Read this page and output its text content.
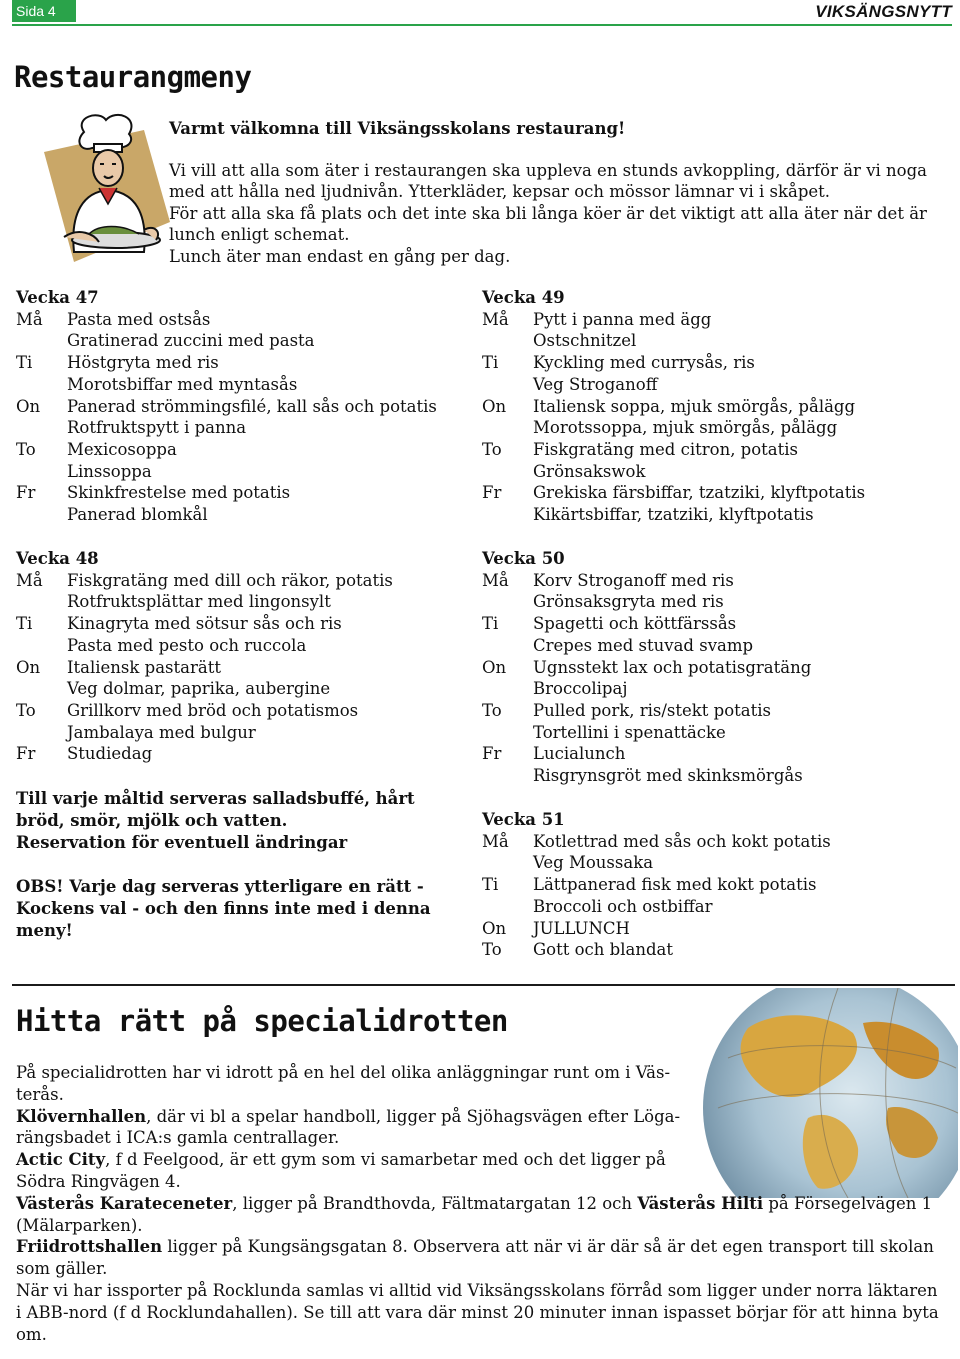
Sida 4	VIKSÄNGSNYTT
Restaurangmeny

Varmt välkomna till Viksängsskolans restaurang!

Vi vill att alla som äter i restaurangen ska uppleva en stunds avkoppling, därför är vi noga

med att hålla ned ljudnivån. Ytterkläder, kepsar och mössor lämnar vi i skåpet.

För att alla ska få plats och det inte ska bli långa köer är det viktigt att alla äter när det är

lunch enligt schemat.

Lunch äter man endast en gång per dag.

Vecka 47
Må	Pasta med ostsås
Gratinerad zuccini med pasta
Ti	Höstgryta med ris
Morotsbiffar med myntasås
On	Panerad strömmingsfilé, kall sås och potatis
Rotfruktspytt i panna
To	Mexicosoppa
Linssoppa
Fr	Skinkfrestelse med potatis
Panerad blomkål
Vecka 48
Må	Fiskgratäng med dill och räkor, potatis
Rotfruktsplättar med lingonsylt
Ti	Kinagryta med sötsur sås och ris
Pasta med pesto och ruccola
On	Italiensk pastarätt
Veg dolmar, paprika, aubergine
To	Grillkorv med bröd och potatismos
Jambalaya med bulgur
Fr	Studiedag
Vecka 49
Må	Pytt i panna med ägg
Ostschnitzel
Ti	Kyckling med currysås, ris
Veg Stroganoff
On	Italiensk soppa, mjuk smörgås, pålägg
Morotssoppa, mjuk smörgås, pålägg
To	Fiskgratäng med citron, potatis
Grönsakswok
Fr	Grekiska färsbiffar, tzatziki, klyftpotatis
Kikärtsbiffar, tzatziki, klyftpotatis
Vecka 50
Må	Korv Stroganoff med ris
Grönsaksgryta med ris
Ti	Spagetti och köttfärssås
Crepes med stuvad svamp
On	Ugnsstekt lax och potatisgratäng
Broccolipaj
To	Pulled pork, ris/stekt potatis
Tortellini i spenattäcke
Fr	Lucialunch
Risgrynsgröt med skinksmörgås
Vecka 51
Må	Kotlettrad med sås och kokt potatis
Veg Moussaka
Ti	Lättpanerad fisk med kokt potatis
Broccoli och ostbiffar
On	JULLUNCH
To	Gott och blandat
Till varje måltid serveras salladsbuffé, hårt
bröd, smör, mjölk och vatten.
Reservation för eventuell ändringar
OBS! Varje dag serveras ytterligare en rätt -
Kockens val - och den finns inte med i denna
meny!
Hitta rätt på specialidrotten

På specialidrotten har vi idrott på en hel del olika anläggningar runt om i Väs-

terås.

Klövernhallen, där vi bl a spelar handboll, ligger på Sjöhagsvägen efter Löga-

rängsbadet i ICA:s gamla centrallager.

Actic City, f d Feelgood, är ett gym som vi samarbetar med och det ligger på

Södra Ringvägen 4.

Västerås Karateceneter, ligger på Brandthovda, Fältmatargatan 12 och Västerås Hilti på Försegelvägen 1

(Mälarparken).

Friidrottshallen ligger på Kungsängsgatan 8. Observera att när vi är där så är det egen transport till skolan

som gäller.

När vi har issporter på Rocklunda samlas vi alltid vid Viksängsskolans förråd som ligger under norra läktaren

i ABB-nord (f d Rocklundahallen). Se till att vara där minst 20 minuter innan ispasset börjar för att hinna byta

om.
